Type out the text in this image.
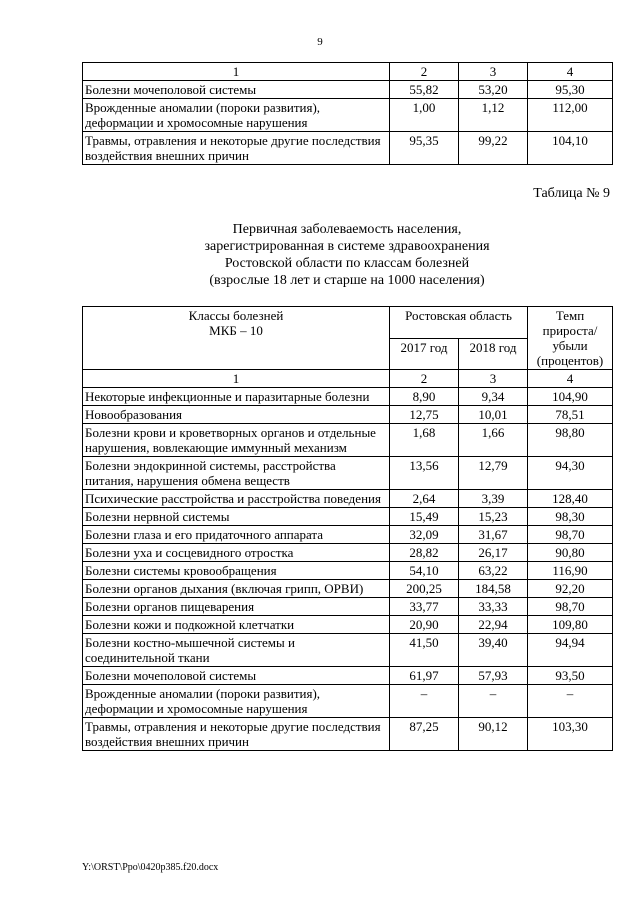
9
1	2	3	4
Болезни мочеполовой системы	55,82	53,20	95,30
Врожденные аномалии (пороки развития), деформации и хромосомные нарушения	1,00	1,12	112,00
Травмы, отравления и некоторые другие последствия воздействия внешних причин	95,35	99,22	104,10
Таблица № 9
Первичная заболеваемость населения,
зарегистрированная в системе здравоохранения
Ростовской области по классам болезней
(взрослые 18 лет и старше на 1000 населения)
Классы болезней
МКБ – 10	Ростовская область		Темп прироста/ убыли (процентов)
	2017 год	2018 год	
1	2	3	4
Некоторые инфекционные и паразитарные болезни	8,90	9,34	104,90
Новообразования	12,75	10,01	78,51
Болезни крови и кроветворных органов и отдельные нарушения, вовлекающие иммунный механизм	1,68	1,66	98,80
Болезни эндокринной системы, расстройства питания, нарушения обмена веществ	13,56	12,79	94,30
Психические расстройства и расстройства поведения	2,64	3,39	128,40
Болезни нервной системы	15,49	15,23	98,30
Болезни глаза и его придаточного аппарата	32,09	31,67	98,70
Болезни уха и сосцевидного отростка	28,82	26,17	90,80
Болезни системы кровообращения	54,10	63,22	116,90
Болезни органов дыхания (включая грипп, ОРВИ)	200,25	184,58	92,20
Болезни органов пищеварения	33,77	33,33	98,70
Болезни кожи и подкожной клетчатки	20,90	22,94	109,80
Болезни костно-мышечной системы и соединительной ткани	41,50	39,40	94,94
Болезни мочеполовой системы	61,97	57,93	93,50
Врожденные аномалии (пороки развития), деформации и хромосомные нарушения	–	–	–
Травмы, отравления и некоторые другие последствия воздействия внешних причин	87,25	90,12	103,30
Y:\ORST\Ppo\0420p385.f20.docx
